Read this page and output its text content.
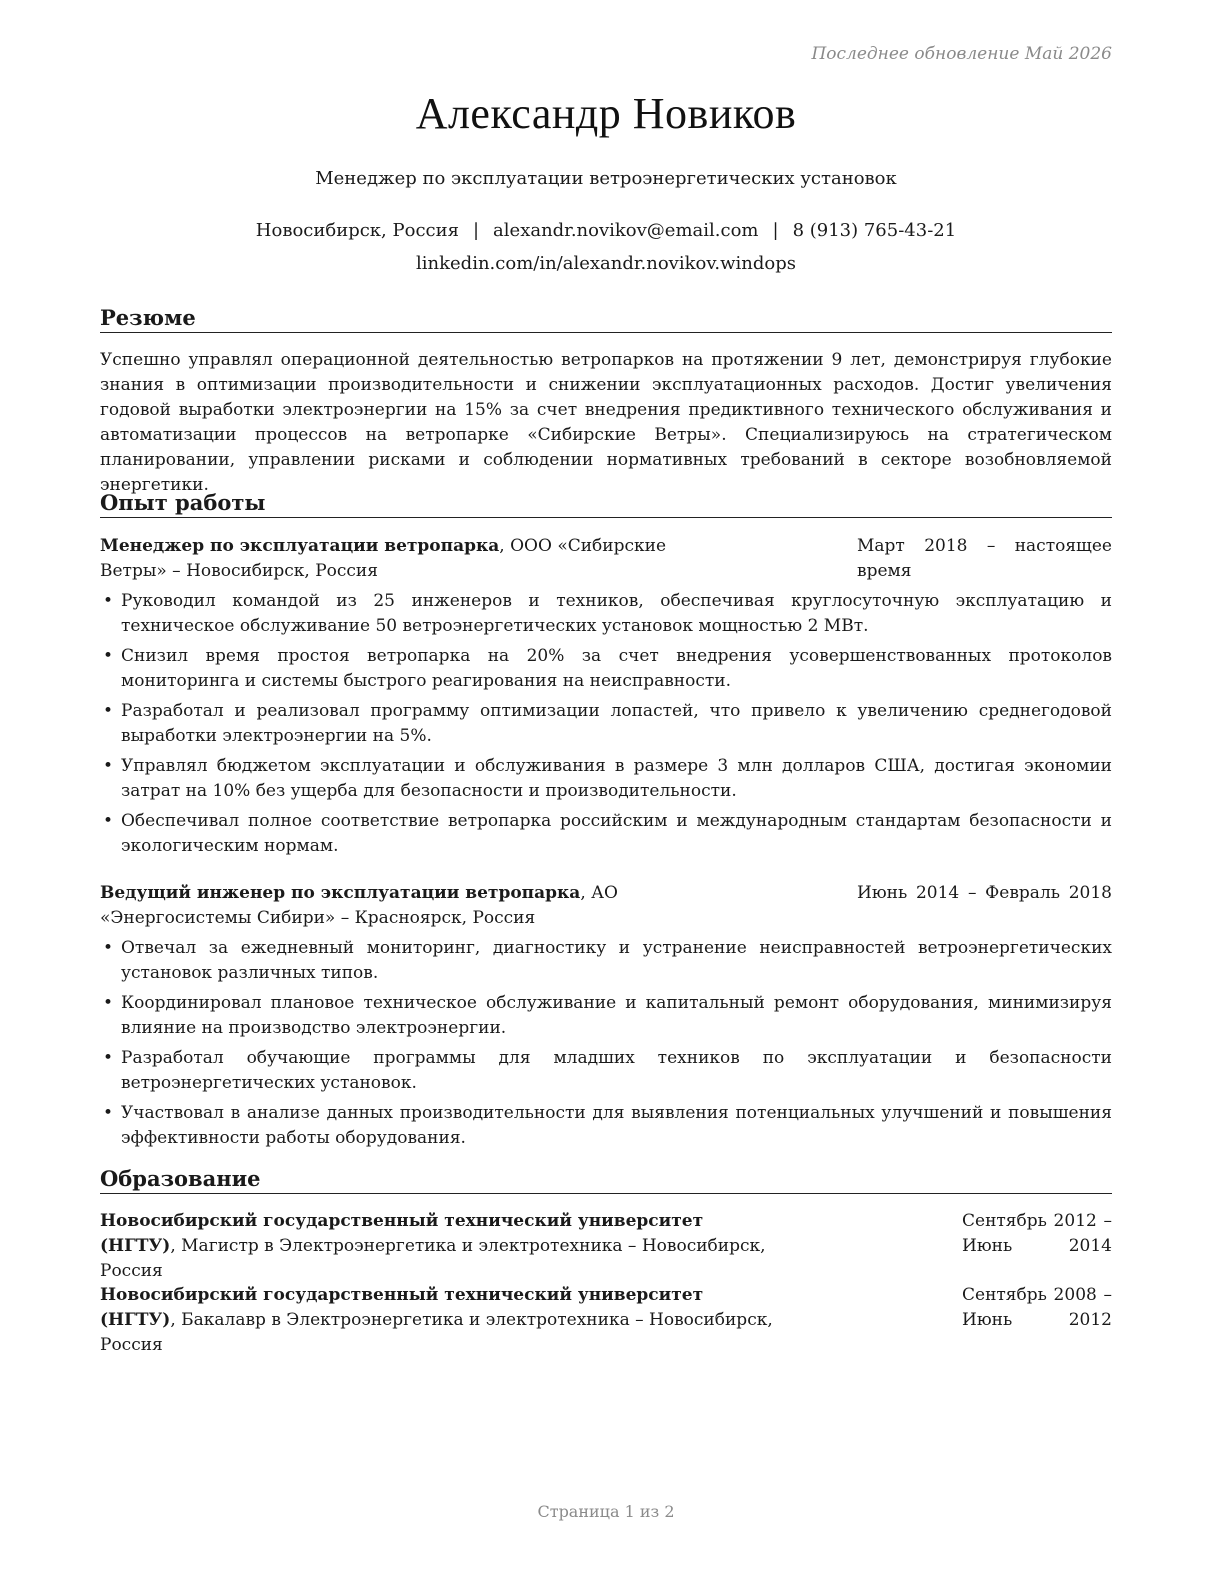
Последнее обновление Май 2026
Александр Новиков
Менеджер по эксплуатации ветроэнергетических установок
Новосибирск, Россия | alexandr.novikov@email.com | 8 (913) 765-43-21
linkedin.com/in/alexandr.novikov.windops
Резюме

Успешно управлял операционной деятельностью ветропарков на протяжении 9 лет, демонстрируя глубокие знания в оптимизации производительности и снижении эксплуатационных расходов. Достиг увеличения годовой выработки электроэнергии на 15% за счет внедрения предиктивного технического обслуживания и автоматизации процессов на ветропарке «Сибирские Ветры». Специализируюсь на стратегическом планировании, управлении рисками и соблюдении нормативных требований в секторе возобновляемой энергетики.

Опыт работы
Менеджер по эксплуатации ветропарка, ООО «Сибирские Ветры» – Новосибирск, Россия
Март 2018 – настоящее время
• Руководил командой из 25 инженеров и техников, обеспечивая круглосуточную эксплуатацию и техническое обслуживание 50 ветроэнергетических установок мощностью 2 МВт.
• Снизил время простоя ветропарка на 20% за счет внедрения усовершенствованных протоколов мониторинга и системы быстрого реагирования на неисправности.
• Разработал и реализовал программу оптимизации лопастей, что привело к увеличению среднегодовой выработки электроэнергии на 5%.
• Управлял бюджетом эксплуатации и обслуживания в размере 3 млн долларов США, достигая экономии затрат на 10% без ущерба для безопасности и производительности.
• Обеспечивал полное соответствие ветропарка российским и международным стандартам безопасности и экологическим нормам.
Ведущий инженер по эксплуатации ветропарка, АО «Энергосистемы Сибири» – Красноярск, Россия
Июнь 2014 – Февраль 2018
• Отвечал за ежедневный мониторинг, диагностику и устранение неисправностей ветроэнергетических установок различных типов.
• Координировал плановое техническое обслуживание и капитальный ремонт оборудования, минимизируя влияние на производство электроэнергии.
• Разработал обучающие программы для младших техников по эксплуатации и безопасности ветроэнергетических установок.
• Участвовал в анализе данных производительности для выявления потенциальных улучшений и повышения эффективности работы оборудования.
Образование
Новосибирский государственный технический университет (НГТУ), Магистр в Электроэнергетика и электротехника – Новосибирск, Россия
Сентябрь 2012 – Июнь 2014
Новосибирский государственный технический университет (НГТУ), Бакалавр в Электроэнергетика и электротехника – Новосибирск, Россия
Сентябрь 2008 – Июнь 2012
Страница 1 из 2
